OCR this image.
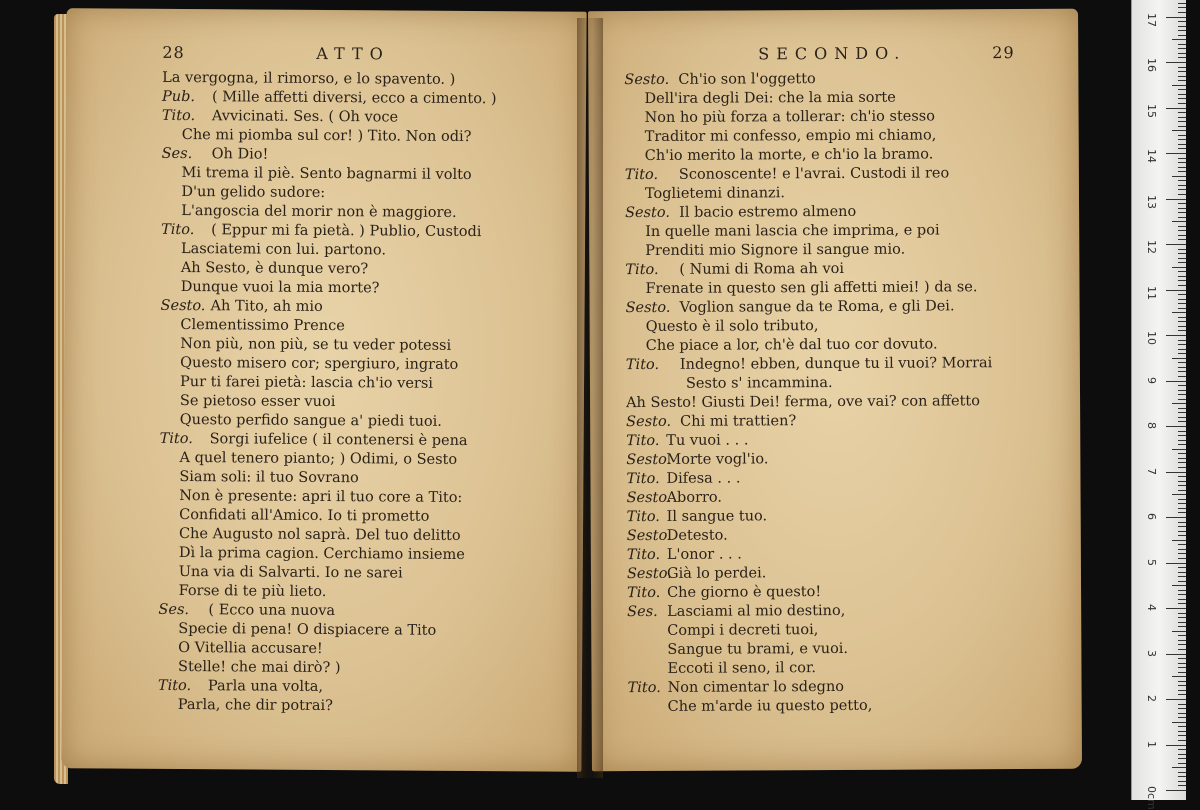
28	ATTO
La vergogna, il rimorso, e lo spavento. )
Pub. ( Mille affetti diversi, ecco a cimento. )
Tito. Avvicinati. Ses. ( Oh voce
Che mi piomba sul cor! ) Tito. Non odi?
Ses. Oh Dio!
Mi trema il piè. Sento bagnarmi il volto
D'un gelido sudore:
L'angoscia del morir non è maggiore.
Tito. ( Eppur mi fa pietà. ) Publio, Custodi
Lasciatemi con lui. partono.
Ah Sesto, è dunque vero?
Dunque vuoi la mia morte?
Sesto. Ah Tito, ah mio
Clementissimo Prence
Non più, non più, se tu veder potessi
Questo misero cor; spergiuro, ingrato
Pur ti farei pietà: lascia ch'io versi
Se pietoso esser vuoi
Questo perfido sangue a' piedi tuoi.
Tito. Sorgi iufelice ( il contenersi è pena
A quel tenero pianto; ) Odimi, o Sesto
Siam soli: il tuo Sovrano
Non è presente: apri il tuo core a Tito:
Confidati all'Amico. Io ti prometto
Che Augusto nol saprà. Del tuo delitto
Dì la prima cagion. Cerchiamo insieme
Una via di Salvarti. Io ne sarei
Forse di te più lieto.
Ses. ( Ecco una nuova
Specie di pena! O dispiacere a Tito
O Vitellia accusare!
Stelle! che mai dirò? )
Tito. Parla una volta,
Parla, che dir potrai?
SECONDO.	29
Sesto. Ch'io son l'oggetto
Dell'ira degli Dei: che la mia sorte
Non ho più forza a tollerar: ch'io stesso
Traditor mi confesso, empio mi chiamo,
Ch'io merito la morte, e ch'io la bramo.
Tito. Sconoscente! e l'avrai. Custodi il reo
Toglietemi dinanzi.
Sesto. Il bacio estremo almeno
In quelle mani lascia che imprima, e poi
Prenditi mio Signore il sangue mio.
Tito. ( Numi di Roma ah voi
Frenate in questo sen gli affetti miei! ) da se.
Sesto. Voglion sangue da te Roma, e gli Dei.
Questo è il solo tributo,
Che piace a lor, ch'è dal tuo cor dovuto.
Tito. Indegno! ebben, dunque tu il vuoi? Morrai
Sesto s' incammina.
Ah Sesto! Giusti Dei! ferma, ove vai? con affetto
Sesto. Chi mi trattien?
Tito. Tu vuoi . . .
Sesto.
Morte vogl'io.
Tito. Difesa . . .
Sesto.
Aborro.
Tito. Il sangue tuo.
Sesto.
Detesto.
Tito. L'onor . . .
Sesto.
Già lo perdei.
Tito. Che giorno è questo!
Ses. Lasciami al mio destino,
Compi i decreti tuoi,
Sangue tu brami, e vuoi.
Eccoti il seno, il cor.
Tito. Non cimentar lo sdegno
Che m'arde iu questo petto,
0cm
1
2
3
4
5
6
7
8
9
10
11
12
13
14
15
16
17
